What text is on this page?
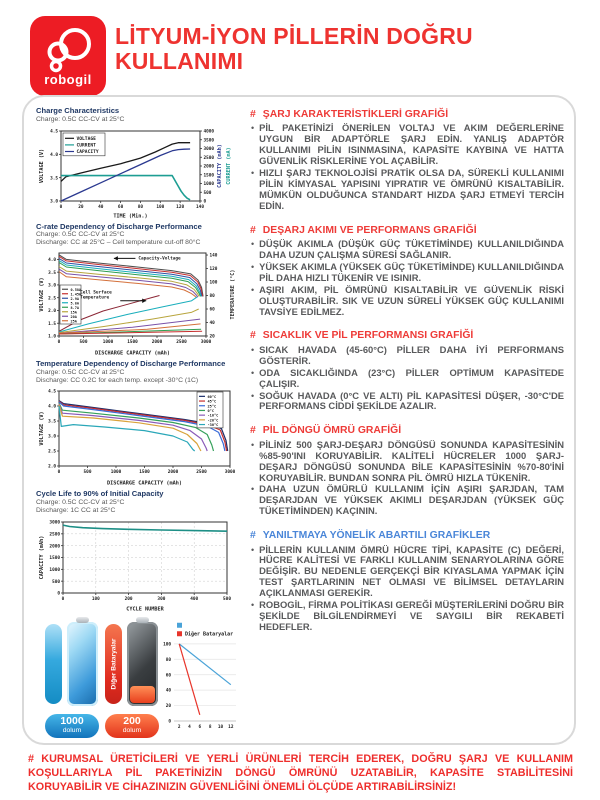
robogil
LİTYUM-İYON PİLLERİN DOĞRU KULLANIMI
Charge Characteristics
Charge: 0.5C CC-CV at 25°C
0	20	40	60	80	100	120	140
3.0
3.5
4.0
4.5
0
500
1000
1500
2000
2500
3000
3500
4000
TIME (Min.)
VOLTAGE (V)	CAPACITY (mAh) CURRENT (mA)
VOLTAGE
CURRENT
CAPACITY
C-rate Dependency of Discharge Performance
Charge: 0.5C CC-CV at 25°C
Discharge: CC at 25°C – Cell temperature cut-off 80°C
0	500	1000	1500	2000	2500	3000
1.0
1.5
2.0
2.5
3.0
3.5
4.0
20
40
60
80
100
120
140
DISCHARGE CAPACITY (mAh)
VOLTAGE (V)	TEMPERATURE (°C)
0.58A
1.45A
2.9A
5.8A
8.7A
15A
20A
25A
Capacity-Voltage
Cell Surface
Temperature
Temperature Dependency of Discharge Performance
Charge: 0.5C CC-CV at 25°C
Discharge: CC 0.2C for each temp. except -30°C (1C)
0	500	1000	1500	2000	2500	3000
2.0
2.5
3.0
3.5
4.0
4.5
DISCHARGE CAPACITY (mAh)
VOLTAGE (V)
60°C
45°C
25°C
0°C
-10°C
-20°C
-30°C
Cycle Life to 90% of Initial Capacity
Charge: 0.5C CC-CV at 25°C
Discharge: 1C CC at 25°C
0	100	200	300	400	500
0
500
1000
1500
2000
2500
3000
CYCLE NUMBER
CAPACITY (mAh)
Diğer Bataryalar
1000
dolum
200
dolum	2 4 6 8 10 12
0
20
40
60
80
100
Diğer Bataryalar
# ŞARJ KARAKTERİSTİKLERİ GRAFİĞİ
• PİL PAKETİNİZİ ÖNERİLEN VOLTAJ VE AKIM DEĞERLERİNE UYGUN BİR ADAPTÖRLE ŞARJ EDİN. YANLIŞ ADAPTÖR KULLANIMI PİLİN ISINMASINA, KAPASİTE KAYBINA VE HATTA GÜVENLİK RİSKLERİNE YOL AÇABİLİR.
• HIZLI ŞARJ TEKNOLOJİSİ PRATİK OLSA DA, SÜREKLİ KULLANIMI PİLİN KİMYASAL YAPISINI YIPRATIR VE ÖMRÜNÜ KISALTABİLİR. MÜMKÜN OLDUĞUNCA STANDART HIZDA ŞARJ ETMEYİ TERCİH EDİN.
# DEŞARJ AKIMI VE PERFORMANS GRAFİĞİ
• DÜŞÜK AKIMLA (DÜŞÜK GÜÇ TÜKETİMİNDE) KULLANILDIĞINDA DAHA UZUN ÇALIŞMA SÜRESİ SAĞLANIR.
• YÜKSEK AKIMLA (YÜKSEK GÜÇ TÜKETİMİNDE) KULLANILDIĞINDA PİL DAHA HIZLI TÜKENİR VE ISINIR.
• AŞIRI AKIM, PİL ÖMRÜNÜ KISALTABİLİR VE GÜVENLİK RİSKİ OLUŞTURABİLİR. SIK VE UZUN SÜRELİ YÜKSEK GÜÇ KULLANIMI TAVSİYE EDİLMEZ.
# SICAKLIK VE PİL PERFORMANSI GRAFİĞİ
• SICAK HAVADA (45-60°C) PİLLER DAHA İYİ PERFORMANS GÖSTERİR.
• ODA SICAKLIĞINDA (23°C) PİLLER OPTİMUM KAPASİTEDE ÇALIŞIR.
• SOĞUK HAVADA (0°C VE ALTI) PİL KAPASİTESİ DÜŞER, -30°C'DE PERFORMANS CİDDİ ŞEKİLDE AZALIR.
# PİL DÖNGÜ ÖMRÜ GRAFİĞİ
• PİLİNİZ 500 ŞARJ-DEŞARJ DÖNGÜSÜ SONUNDA KAPASİTESİNİN %85-90'INI KORUYABİLİR. KALİTELİ HÜCRELER 1000 ŞARJ-DEŞARJ DÖNGÜSÜ SONUNDA BİLE KAPASİTESİNİN %70-80'İNİ KORUYABİLİR. BUNDAN SONRA PİL ÖMRÜ HIZLA TÜKENİR.
• DAHA UZUN ÖMÜRLÜ KULLANIM İÇİN AŞIRI ŞARJDAN, TAM DEŞARJDAN VE YÜKSEK AKIMLI DEŞARJDAN (YÜKSEK GÜÇ TÜKETİMİNDEN) KAÇININ.
# YANILTMAYA YÖNELİK ABARTILI GRAFİKLER
• PİLLERİN KULLANIM ÖMRÜ HÜCRE TİPİ, KAPASİTE (C) DEĞERİ, HÜCRE KALİTESİ VE FARKLI KULLANIM SENARYOLARINA GÖRE DEĞİŞİR. BU NEDENLE GERÇEKÇİ BİR KIYASLAMA YAPMAK İÇİN TEST ŞARTLARININ NET OLMASI VE BİLİMSEL DETAYLARIN AÇIKLANMASI GEREKİR.
• ROBOGİL, FİRMA POLİTİKASI GEREĞİ MÜŞTERİLERİNİ DOĞRU BİR ŞEKİLDE BİLGİLENDİRMEYİ VE SAYGILI BİR REKABETİ HEDEFLER.
# KURUMSAL ÜRETİCİLERİ VE YERLİ ÜRÜNLERİ TERCİH EDEREK, DOĞRU ŞARJ VE KULLANIM KOŞULLARIYLA PİL PAKETİNİZİN DÖNGÜ ÖMRÜNÜ UZATABİLİR, KAPASİTE STABİLİTESİNİ KORUYABİLİR VE CİHAZINIZIN GÜVENLİĞİNİ ÖNEMLİ ÖLÇÜDE ARTIRABİLİRSİNİZ!
